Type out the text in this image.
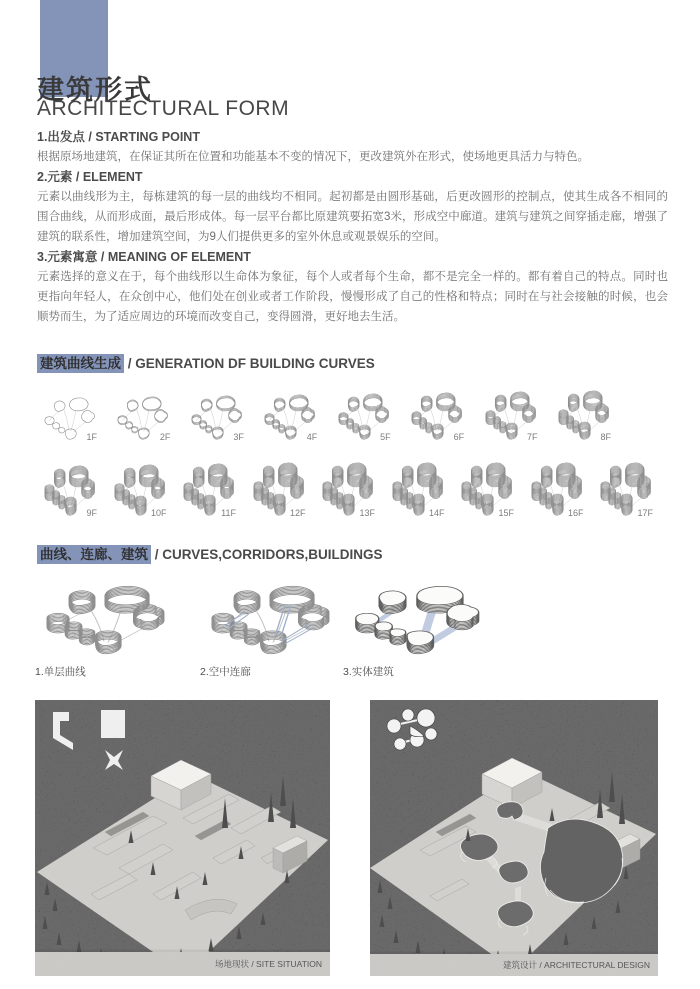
建筑形式
ARCHITECTURAL FORM
1.出发点 / STARTING POINT

根据原场地建筑，在保证其所在位置和功能基本不变的情况下，更改建筑外在形式，使场地更具活力与特色。

2.元素 / ELEMENT

元素以曲线形为主，每栋建筑的每一层的曲线均不相同。起初都是由圆形基础，后更改圆形的控制点，使其生成各不相同的围合曲线，从而形成面，最后形成体。每一层平台都比原建筑要拓宽3米，形成空中廊道。建筑与建筑之间穿插走廊，增强了建筑的联系性，增加建筑空间，为9人们提供更多的室外休息或观景娱乐的空间。

3.元素寓意 / MEANING OF ELEMENT

元素选择的意义在于，每个曲线形以生命体为象征，每个人或者每个生命，都不是完全一样的。都有着自己的特点。同时也更指向年轻人，在众创中心，他们处在创业或者工作阶段，慢慢形成了自己的性格和特点；同时在与社会接触的时候，也会顺势而生，为了适应周边的环境而改变自己，变得圆滑，更好地去生活。

建筑曲线生成 / GENERATION DF BUILDING CURVES
1F	2F	3F	4F	5F	6F	7F	8F
9F	10F	11F	12F	13F	14F	15F	16F	17F
曲线、连廊、建筑 / CURVES,CORRIDORS,BUILDINGS
1.单层曲线	2.空中连廊	3.实体建筑
场地现状 / SITE SITUATION	建筑设计 / ARCHITECTURAL DESIGN
